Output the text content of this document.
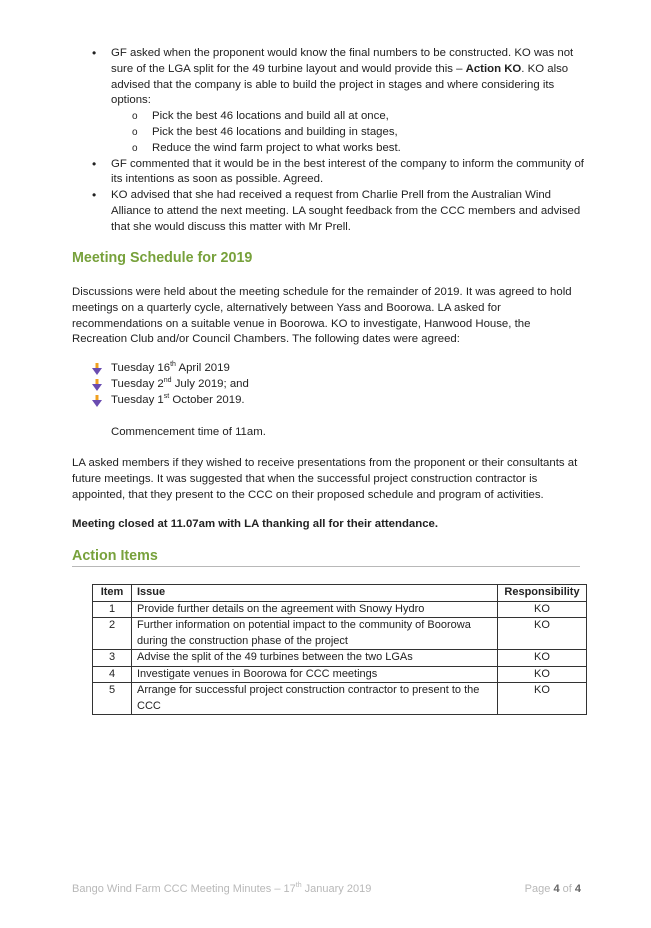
• GF asked when the proponent would know the final numbers to be constructed. KO was not sure of the LGA split for the 49 turbine layout and would provide this – Action KO. KO also advised that the company is able to build the project in stages and where considering its options:
o Pick the best 46 locations and build all at once,
o Pick the best 46 locations and building in stages,
o Reduce the wind farm project to what works best.
• GF commented that it would be in the best interest of the company to inform the community of its intentions as soon as possible. Agreed.
• KO advised that she had received a request from Charlie Prell from the Australian Wind Alliance to attend the next meeting. LA sought feedback from the CCC members and advised that she would discuss this matter with Mr Prell.
Meeting Schedule for 2019

Discussions were held about the meeting schedule for the remainder of 2019. It was agreed to hold meetings on a quarterly cycle, alternatively between Yass and Boorowa. LA asked for recommendations on a suitable venue in Boorowa. KO to investigate, Hanwood House, the Recreation Club and/or Council Chambers. The following dates were agreed:

Tuesday 16th April 2019
Tuesday 2nd July 2019; and
Tuesday 1st October 2019.

Commencement time of 11am.

LA asked members if they wished to receive presentations from the proponent or their consultants at future meetings. It was suggested that when the successful project construction contractor is appointed, that they present to the CCC on their proposed schedule and program of activities.

Meeting closed at 11.07am with LA thanking all for their attendance.

Action Items
Item	Issue	Responsibility
1	Provide further details on the agreement with Snowy Hydro	KO
2	Further information on potential impact to the community of Boorowa during the construction phase of the project	KO
3	Advise the split of the 49 turbines between the two LGAs	KO
4	Investigate venues in Boorowa for CCC meetings	KO
5	Arrange for successful project construction contractor to present to the CCC	KO
Bango Wind Farm CCC Meeting Minutes – 17th January 2019	Page 4 of 4
